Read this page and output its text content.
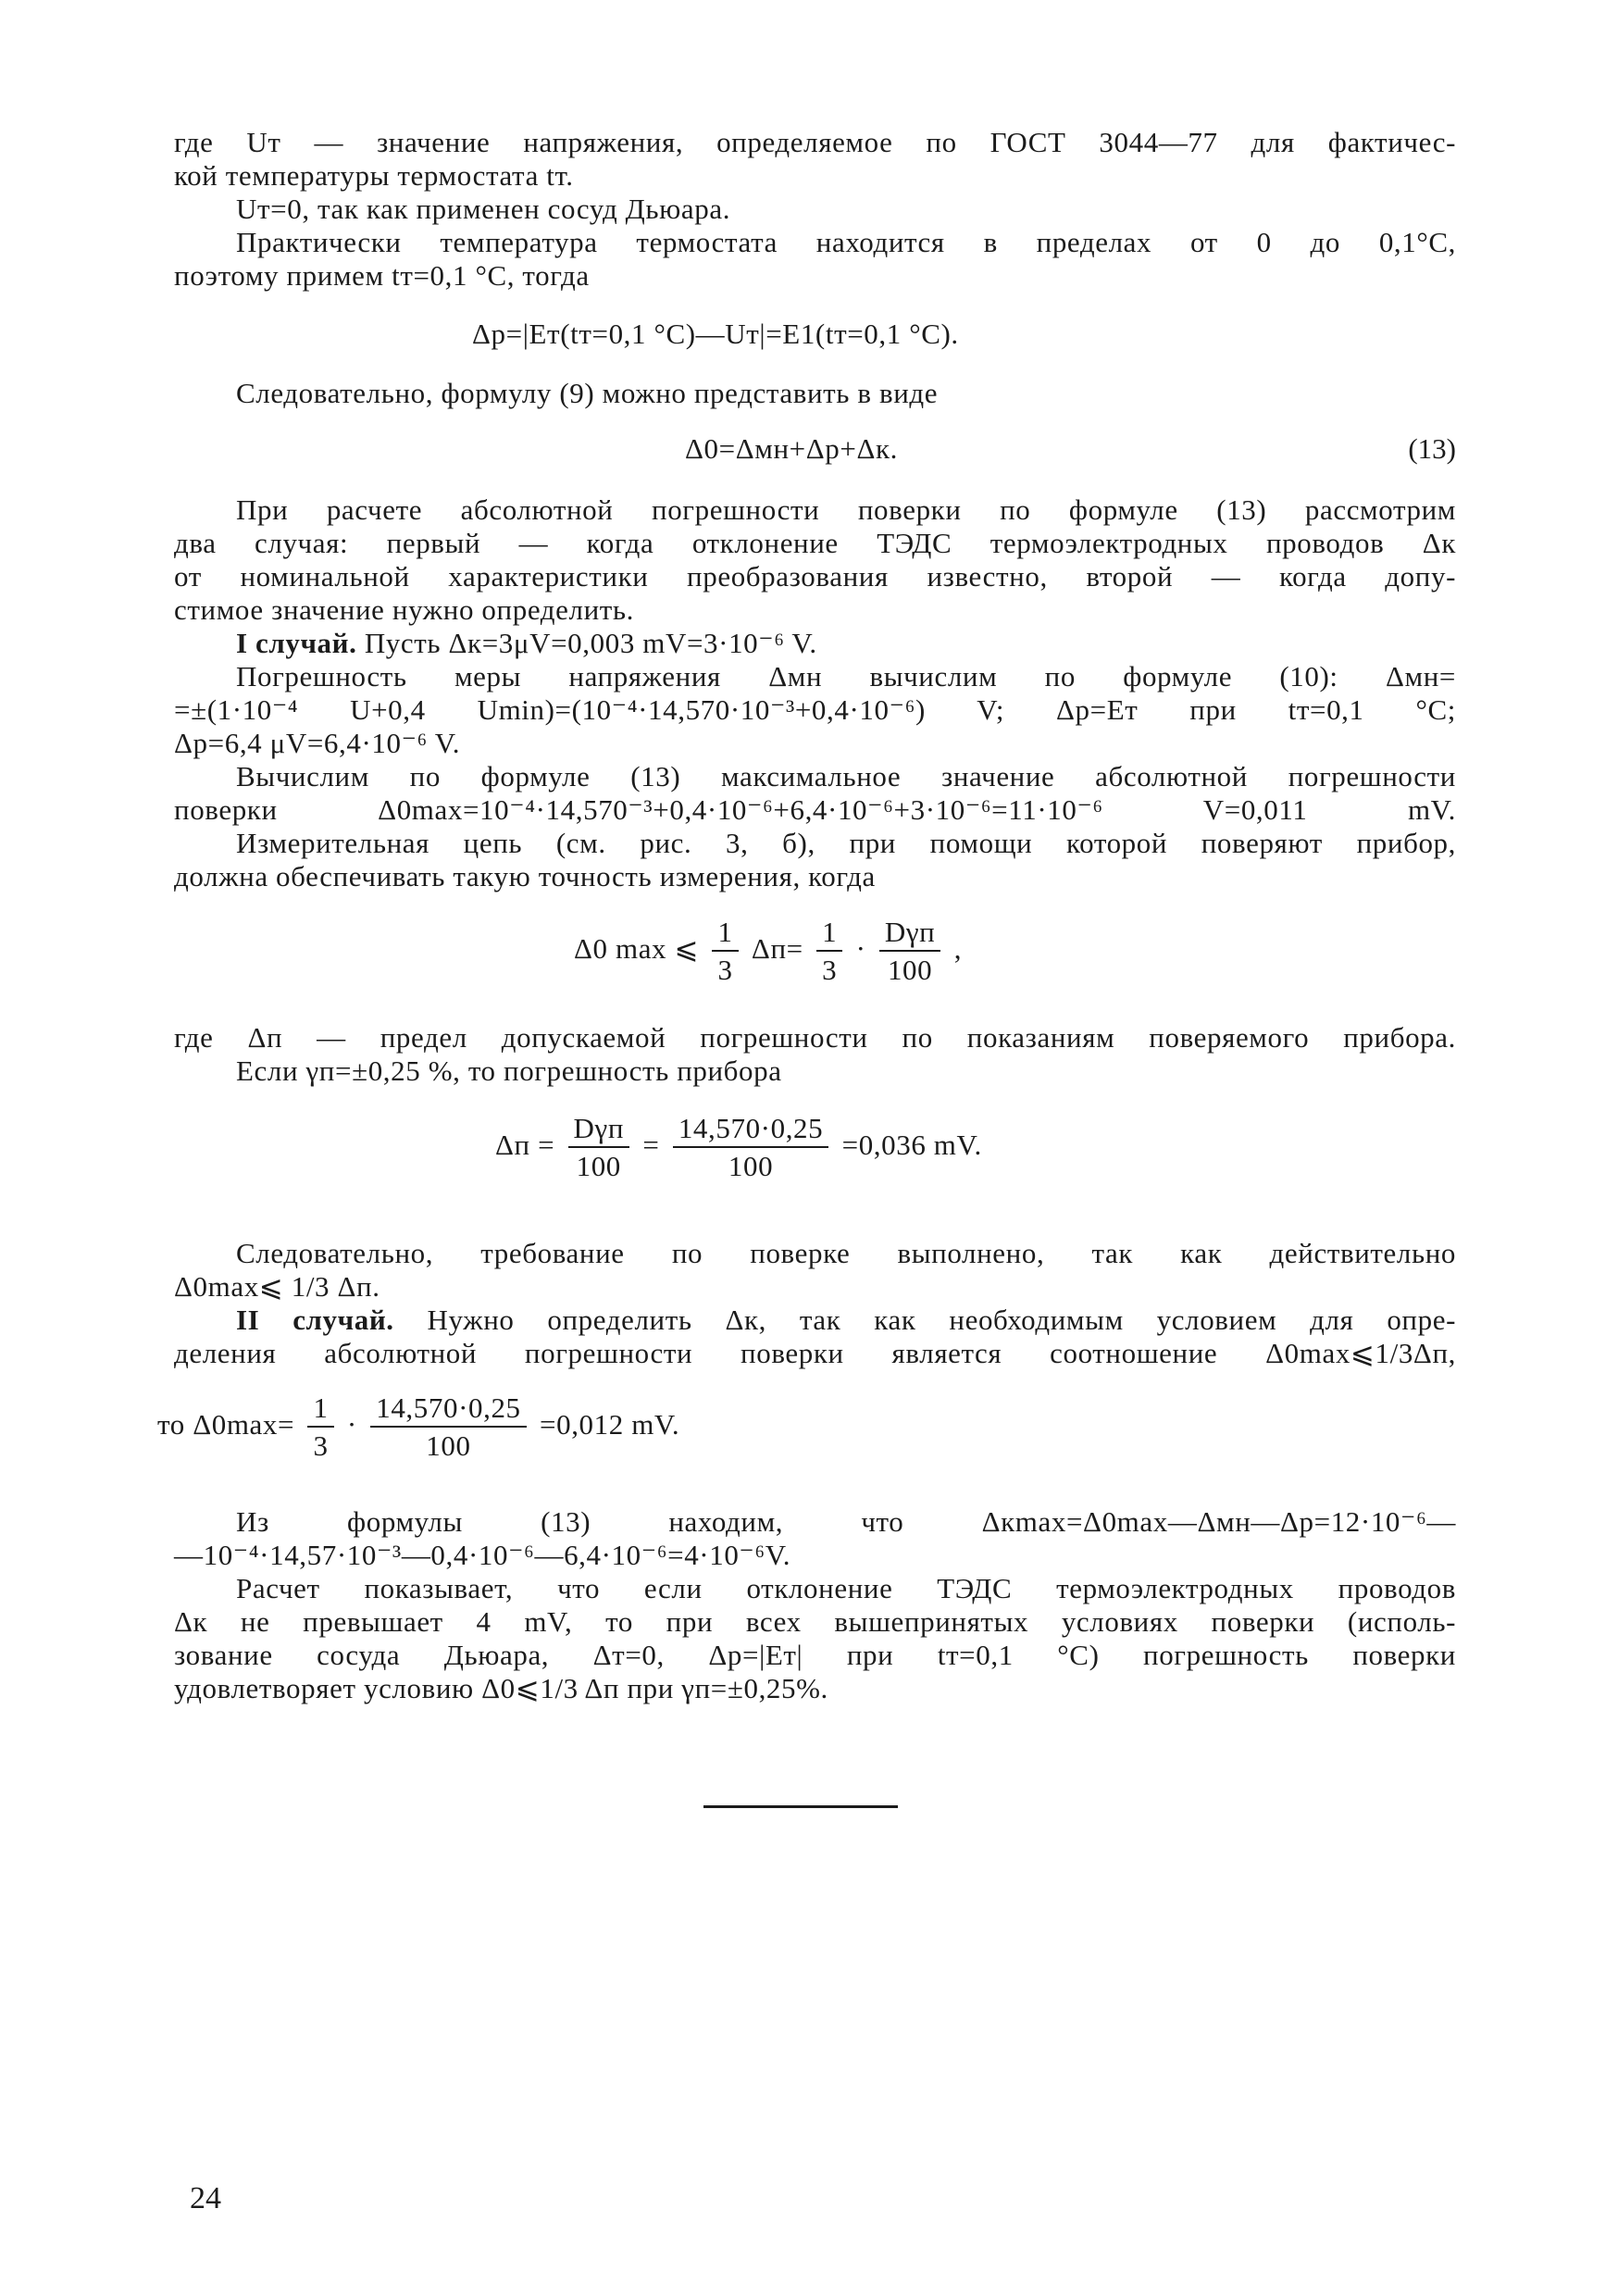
где Uт — значение напряжения, определяемое по ГОСТ 3044—77 для фактичес-
кой температуры термостата tт.
Uт=0, так как применен сосуд Дьюара.
Практически температура термостата находится в пределах от 0 до 0,1°С,
поэтому примем tт=0,1 °С, тогда
Δр=|Eт(tт=0,1 °C)—Uт|=E1(tт=0,1 °C).
Следовательно, формулу (9) можно представить в виде
Δ0=Δмн+Δр+Δк.	(13)
При расчете абсолютной погрешности поверки по формуле (13) рассмотрим
два случая: первый — когда отклонение ТЭДС термоэлектродных проводов Δк
от номинальной характеристики преобразования известно, второй — когда допу-
стимое значение нужно определить.
I случай. Пусть Δк=3μV=0,003 mV=3·10⁻⁶ V.
Погрешность меры напряжения Δмн вычислим по формуле (10): Δмн=
=±(1·10⁻⁴ U+0,4 Umin)=(10⁻⁴·14,570·10⁻³+0,4·10⁻⁶) V; Δр=Eт при tт=0,1 °С;
Δр=6,4 μV=6,4·10⁻⁶ V.
Вычислим по формуле (13) максимальное значение абсолютной погрешности
поверки Δ0max=10⁻⁴·14,570⁻³+0,4·10⁻⁶+6,4·10⁻⁶+3·10⁻⁶=11·10⁻⁶ V=0,011 mV.
Измерительная цепь (см. рис. 3, б), при помощи которой поверяют прибор,
должна обеспечивать такую точность измерения, когда
Δ0 max ⩽ $\frac{1}{3} \Delta п= \frac{1}{3} \cdot \frac{\text{Dγп}}{100}$ ,
где Δп — предел допускаемой погрешности по показаниям поверяемого прибора.
Если γп=±0,25 %, то погрешность прибора
$\Delta п = \frac{\text{Dγп}}{100} = \frac{14,570\cdot 0,25}{100} =0,036$ mV.
Следовательно, требование по поверке выполнено, так как действительно
Δ0max⩽ 1/3 Δп.
II случай. Нужно определить Δк, так как необходимым условием для опре-
деления абсолютной погрешности поверки является соотношение Δ0max⩽1/3Δп,
то $\Delta 0\max= \frac{1}{3} \cdot \frac{14,570\cdot 0,25}{100} =0,012$ mV.
Из формулы (13) находим, что Δкmax=Δ0max—Δмн—Δр=12·10⁻⁶—
—10⁻⁴·14,57·10⁻³—0,4·10⁻⁶—6,4·10⁻⁶=4·10⁻⁶V.
Расчет показывает, что если отклонение ТЭДС термоэлектродных проводов
Δк не превышает 4 mV, то при всех вышепринятых условиях поверки (исполь-
зование сосуда Дьюара, Δт=0, Δр=|Eт| при tт=0,1 °С) погрешность поверки
удовлетворяет условию Δ0⩽1/3 Δп при γп=±0,25%.
24
